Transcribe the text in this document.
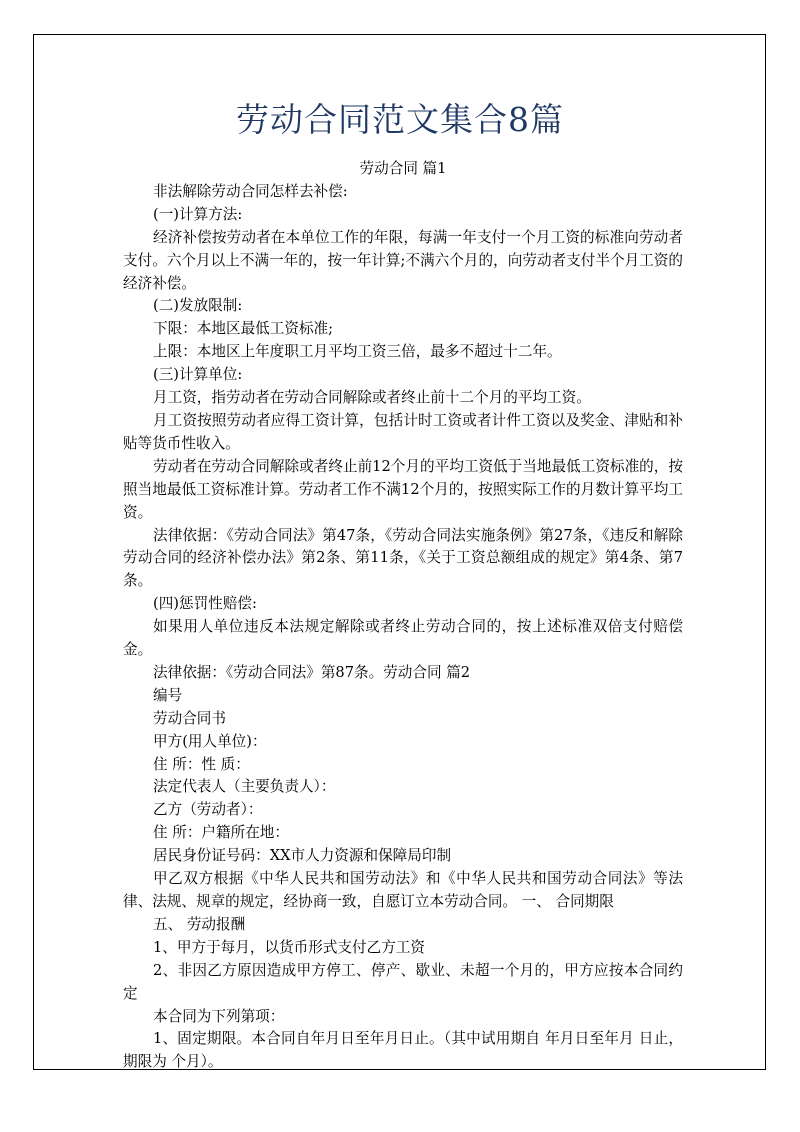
劳动合同范文集合8篇

劳动合同 篇1

非法解除劳动合同怎样去补偿:

(一)计算方法:

经济补偿按劳动者在本单位工作的年限，每满一年支付一个月工资的标准向劳动者支付。六个月以上不满一年的，按一年计算;不满六个月的，向劳动者支付半个月工资的经济补偿。

(二)发放限制:

下限：本地区最低工资标准;

上限：本地区上年度职工月平均工资三倍，最多不超过十二年。

(三)计算单位:

月工资，指劳动者在劳动合同解除或者终止前十二个月的平均工资。

月工资按照劳动者应得工资计算，包括计时工资或者计件工资以及奖金、津贴和补贴等货币性收入。

劳动者在劳动合同解除或者终止前12个月的平均工资低于当地最低工资标准的，按照当地最低工资标准计算。劳动者工作不满12个月的，按照实际工作的月数计算平均工资。

法律依据：《劳动合同法》第47条，《劳动合同法实施条例》第27条，《违反和解除劳动合同的经济补偿办法》第2条、第11条，《关于工资总额组成的规定》第4条、第7条。

(四)惩罚性赔偿:

如果用人单位违反本法规定解除或者终止劳动合同的，按上述标准双倍支付赔偿金。

法律依据：《劳动合同法》第87条。劳动合同 篇2

编号

劳动合同书

甲方(用人单位)：

住 所：性 质：

法定代表人（主要负责人）：

乙方（劳动者）：

住 所：户籍所在地：

居民身份证号码：XX市人力资源和保障局印制

甲乙双方根据《中华人民共和国劳动法》和《中华人民共和国劳动合同法》等法律、法规、规章的规定，经协商一致，自愿订立本劳动合同。 一、 合同期限

五、 劳动报酬

1、甲方于每月，以货币形式支付乙方工资

2、非因乙方原因造成甲方停工、停产、歇业、未超一个月的，甲方应按本合同约定

本合同为下列第项：

1、固定期限。本合同自年月日至年月日止。（其中试用期自 年月日至年月 日止，期限为 个月）。
